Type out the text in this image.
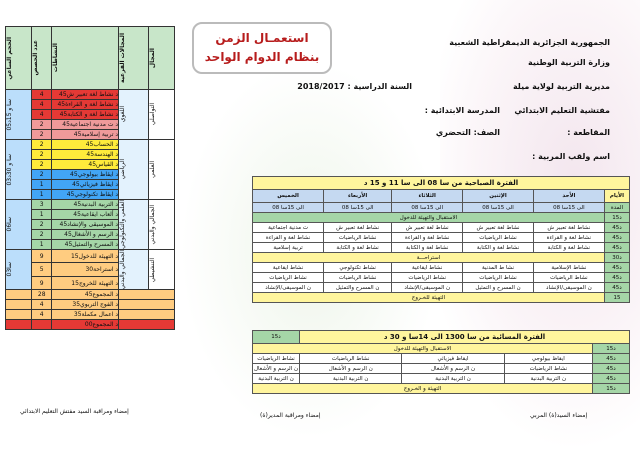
استعمـال الزمن
بنظام الدوام الواحد
الجمهورية الجزائرية الديمقراطية الشعبية
وزارة التربية الوطنية
مديرية التربية لولاية ميلة
السنة الدراسية : 2018/2017
مفتشية التعليم الابتدائي
المدرسة الابتدائية :
المقاطعة :
الصف: التحضري
اسم ولقب المربية :
الحجم الساعي	عدد الحصص	النشاطات	المجالات الفرعية	المجال

05سا و 15د	4	45د نشاط لغة تعبير ش	اللغوي	التواصلي

	4	45د نشاط لغة و القراءة		
	4	45د نشاط لغة و الكتابة		
	2	45د ت مدنية اجتماعية		
	2	45د تربية إسلامية		

03سا و 30د	2	45د الحساب	الرياضي	العلمي

	2	45د الهندسة		
	2	45د القياس		
	2	45د ايقاظ بيولوجي		
	1	45د ايقاظ فيزيائي		
	1	45د ايقاظ تكنولوجي		

06سا	3	45د التربية البدنية	العلمي والتكنولوجي	الجمالي والبدني

	1	45د ألعاب ايقاعية		
	2	45د الموسيقى والإنشاد		
	2	45د الرسم و الأشغال		
	1	45د المسرح والتمثيل		

03سا	9	15د التهيئة للدخول	الجمالي والبدني	التنشيطي

	5	30د استراحة		
	9	15د التهيئة للخروج		
	28	45د المجموع		
	4	35د الفوج التربوي		
	4	35د اعمال مكملة		
		00د المجموع		
الفترة الصباحية من سا 08 الى سا 11 و 15 د					
الخميس	الأربعاء	الثلاثاء	الإثنين	الأحد	الأيام
08 الى 15سا	08 الى 15سا	08 الى 15سا	08 الى 15سا	08 الى 15سا	المدة
الاستقبال والتهيئة للدخول					15د
ت مدنية اجتماعية	نشاط لغة تعبير ش	نشاط لغة تعبير ش	نشاط لغة تعبير ش	نشاط لغة تعبير ش	45د
نشاط لغة و القراءة	نشاط الرياضيات	نشاط لغة و القراءة	نشاط الرياضيات	نشاط لغة و القراءة	45د
تربية إسلامية	نشاط لغة و الكتابة	نشاط لغة و الكتابة	نشاط لغة و الكتابة	نشاط لغة و الكتابة	45د
استراحـــة					30د
نشاط ايقاعية	نشاط تكنولوجي	نشاط ايقاعية	نشا ط المدنية	نشاط الإسلامية	45د
نشاط الرياضيات	نشاط الرياضيات	نشاط الرياضيات	نشاط الرياضيات	نشاط الرياضيات	45د
ن الموسيقى/الإنشاد	ن المسرح والتمثيل	ن الموسيقى/الإنشاد	ن المسرح و التمثيل	ن الموسيقى/الإنشاد	45د
التهيئة للخـروج					15
15د	الفترة المسائية من سا 1300 الى 14سا و 30 د			
الاستقبال والتهيئة للدخول				15د
نشاط الرياضيات	نشاط الرياضيات	ايقاظ فيزيائي	ايقاظ بيولوجي	45د
ن الرسم و الأشغال	ن الرسم و الأشغال	ن الرسم و الأشغال	نشاط الرياضيات	45د
ن التربية البدنية	ن التربية البدنية	ن التربية البدنية	ن التربية البدنية	45د
التهيئة و الخـروج				15د
إمضاء ومراقبة السيد مفتش التعليم الابتدائي
إمضاء ومراقبة المدير(ة)	إمضاء السيد(ة) المربي
